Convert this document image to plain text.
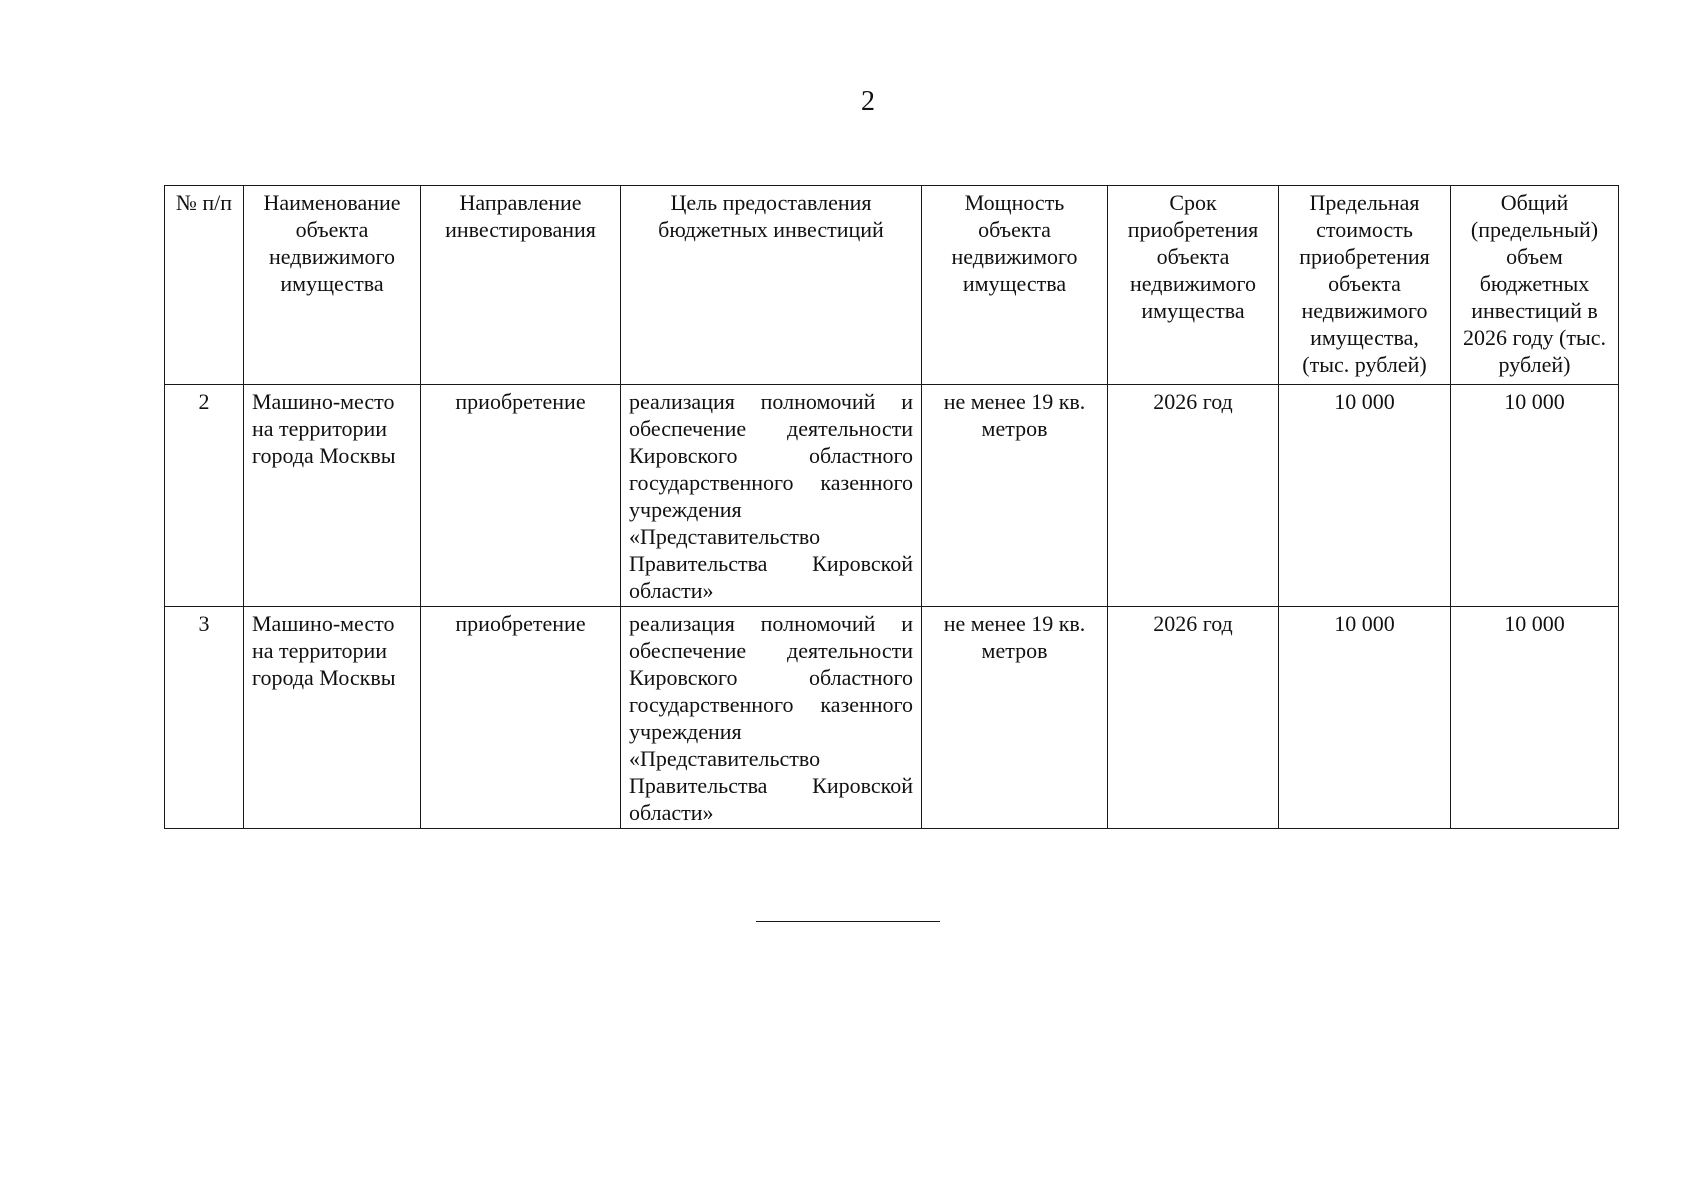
2
№ п/п	Наименование объекта недвижимого имущества	Направление инвестирования	Цель предоставления бюджетных инвестиций	Мощность объекта недвижимого имущества	Срок приобретения объекта недвижимого имущества	Предельная стоимость приобретения объекта недвижимого имущества, (тыс. рублей)	Общий (предельный) объем бюджетных инвестиций в 2026 году (тыс. рублей)
2	Машино-место на территории города Москвы	приобретение	реализация полномочий и обеспечение деятельности Кировского областного государственного казенного учреждения «Представительство Правительства Кировской области»	не менее 19 кв. метров	2026 год	10 000	10 000
3	Машино-место на территории города Москвы	приобретение	реализация полномочий и обеспечение деятельности Кировского областного государственного казенного учреждения «Представительство Правительства Кировской области»	не менее 19 кв. метров	2026 год	10 000	10 000
